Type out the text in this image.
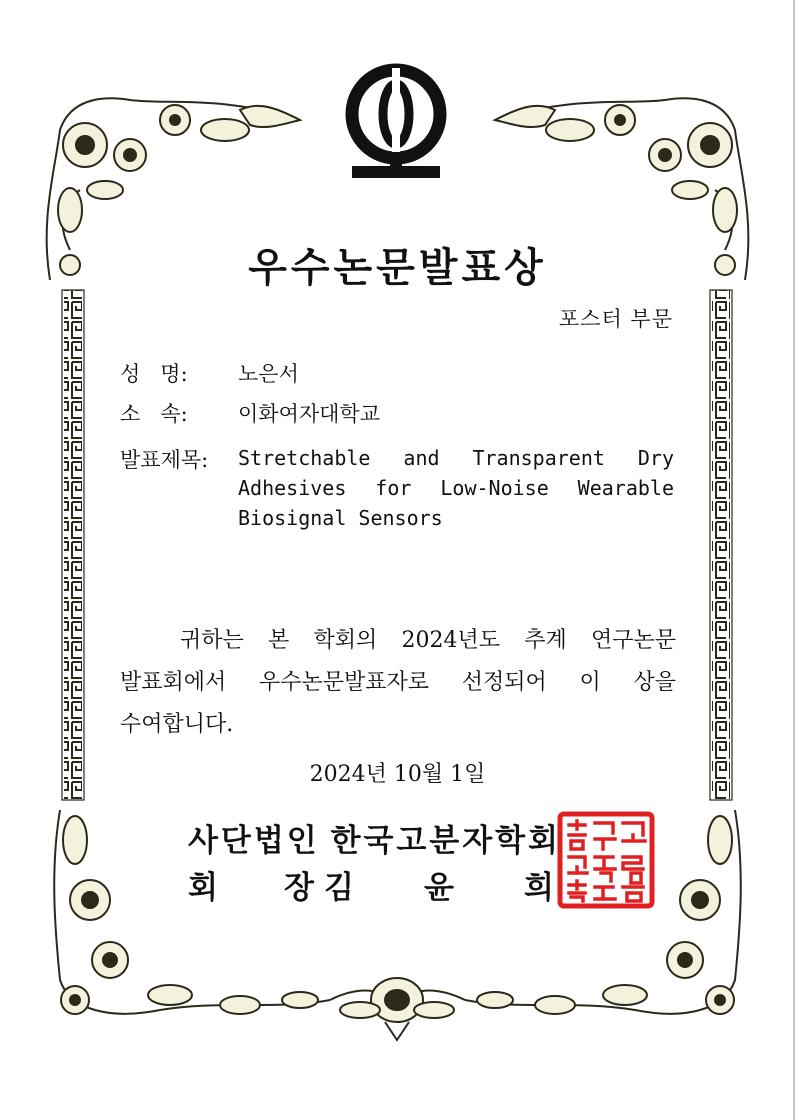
우수논문발표상
포스터 부문
성   명: 노은서
소   속: 이화여자대학교
발표제목:	Stretchable and Transparent Dry
Adhesives for Low-Noise Wearable
Biosignal Sensors
귀하는 본 학회의 2024년도 추계 연구논문
발표회에서 우수논문발표자로 선정되어 이 상을
수여합니다.
2024년 10월 1일
사 단 법 인 한 국 고 분 자 학 회
회 장 김 윤 희
